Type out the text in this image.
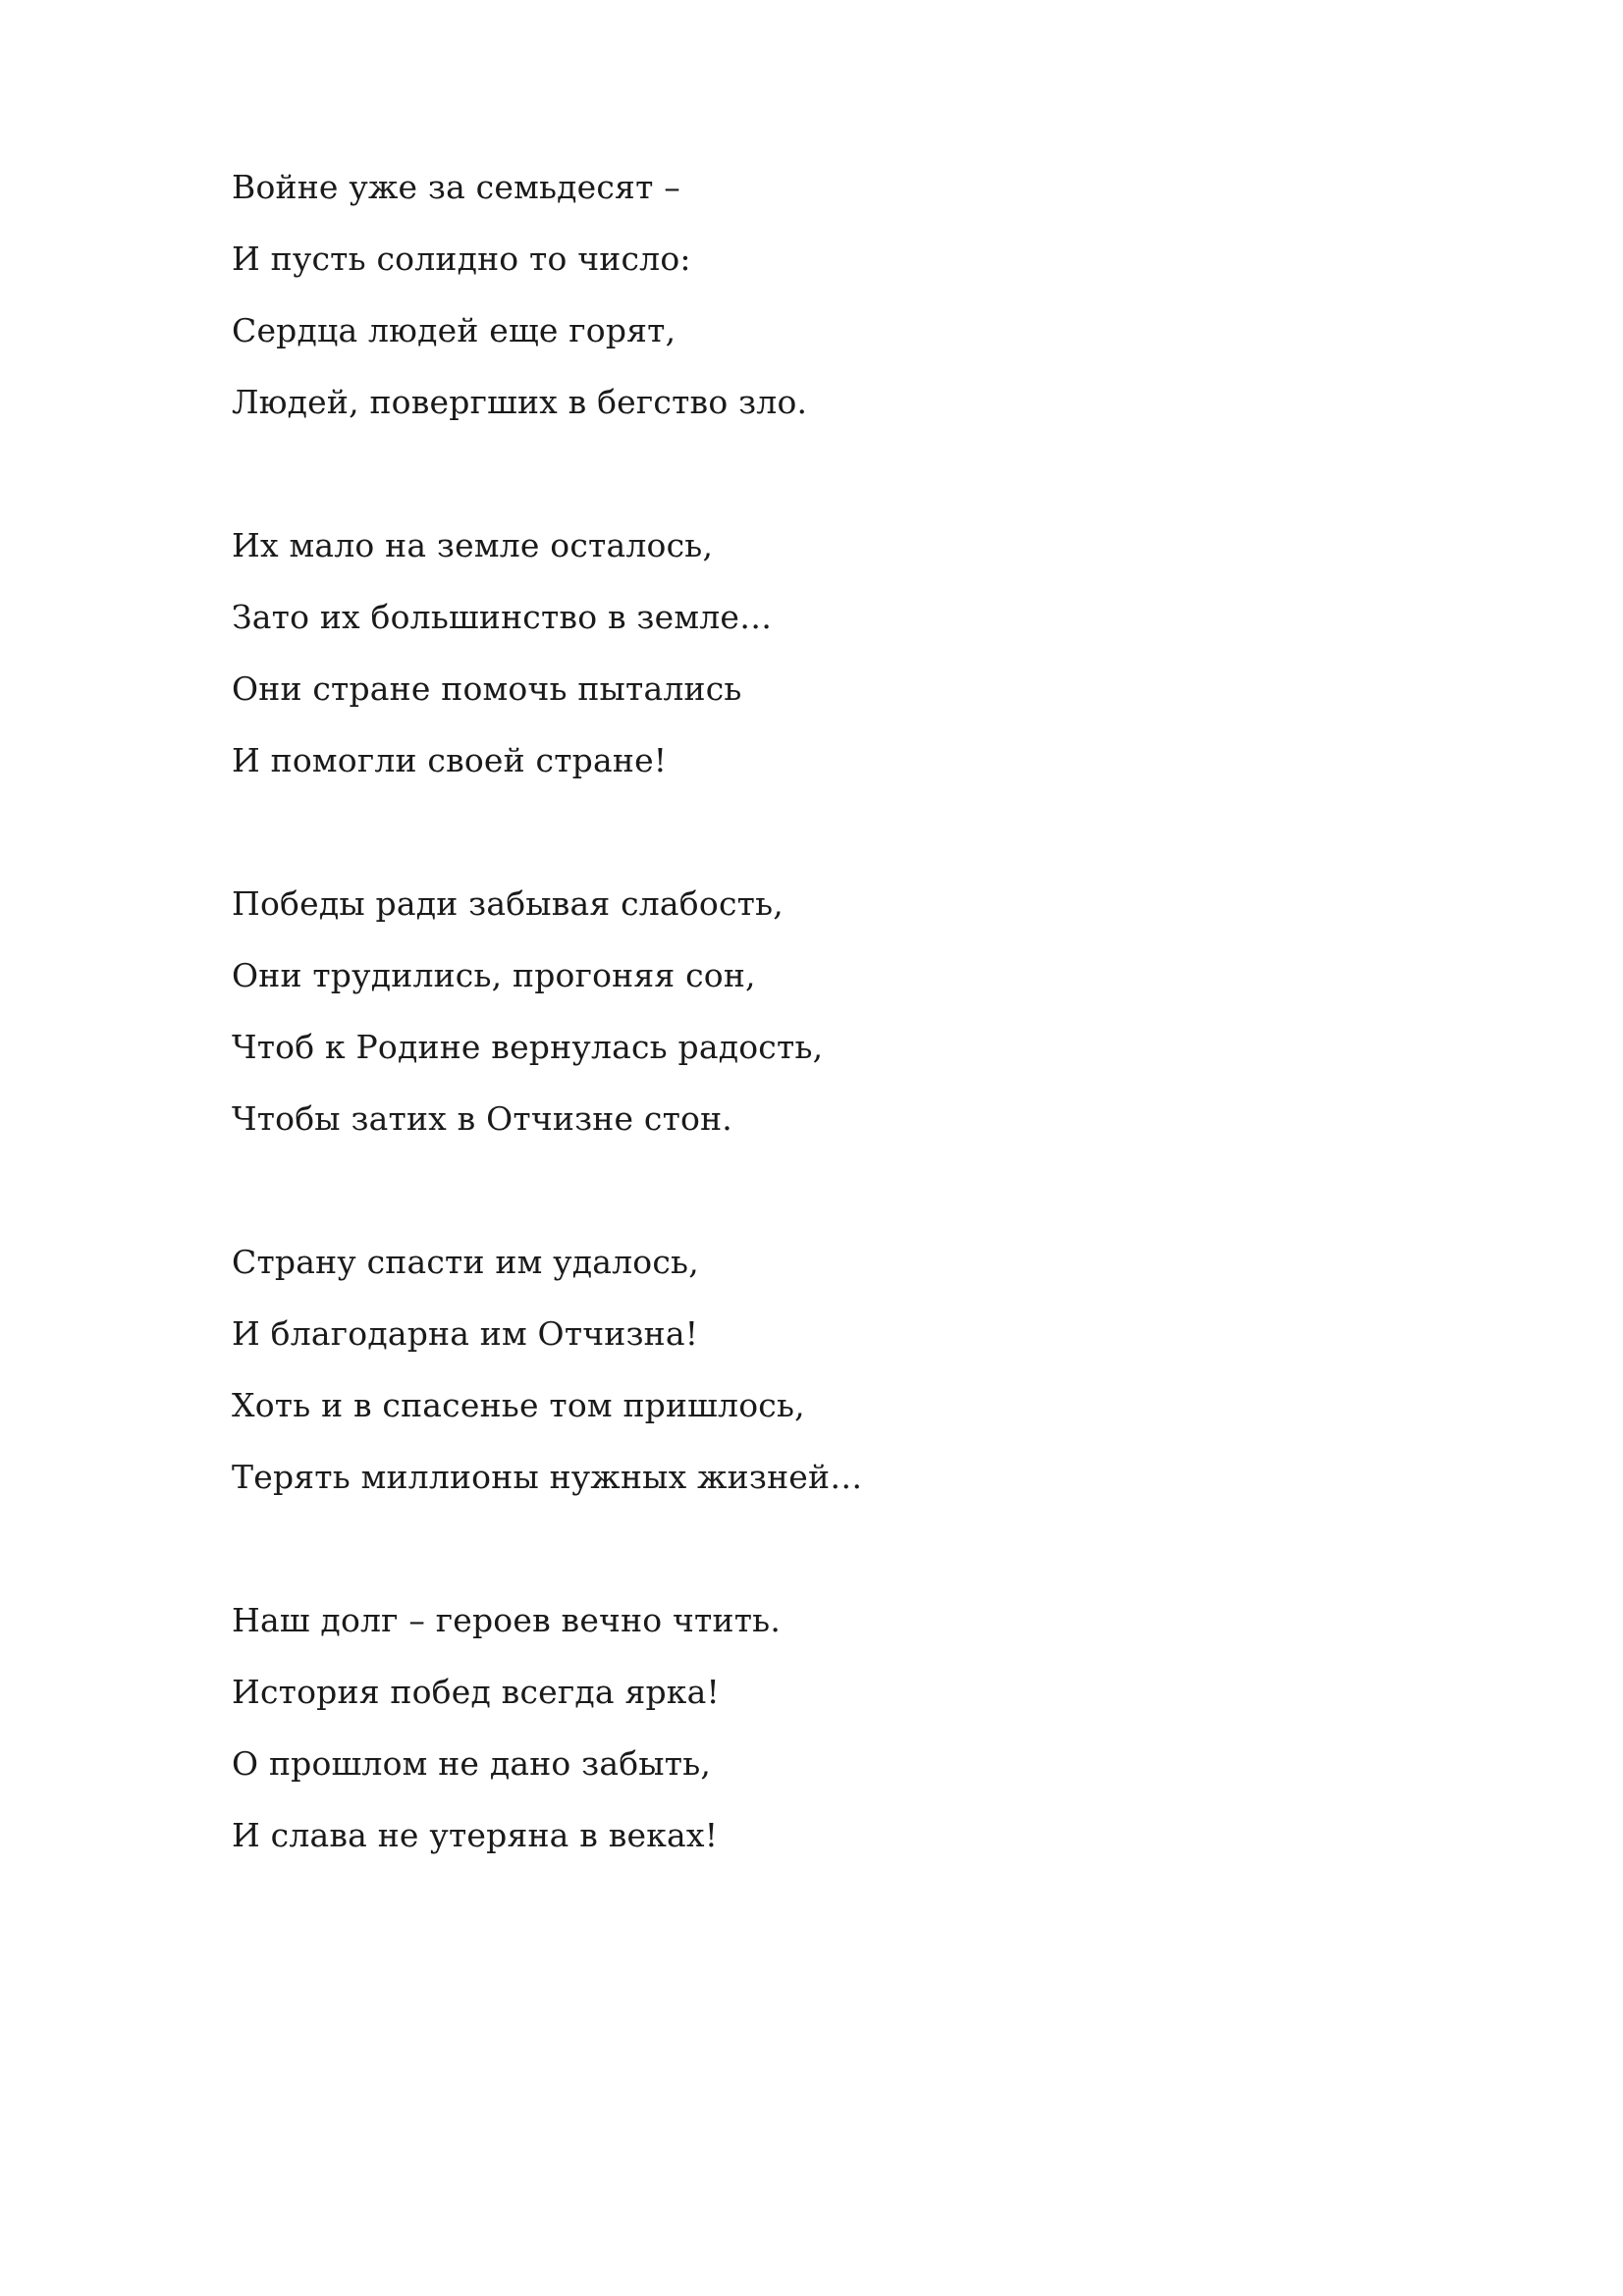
Войне уже за семьдесят –
И пусть солидно то число:
Сердца людей еще горят,
Людей, повергших в бегство зло.
Их мало на земле осталось,
Зато их большинство в земле…
Они стране помочь пытались
И помогли своей стране!
Победы ради забывая слабость,
Они трудились, прогоняя сон,
Чтоб к Родине вернулась радость,
Чтобы затих в Отчизне стон.
Страну спасти им удалось,
И благодарна им Отчизна!
Хоть и в спасенье том пришлось,
Терять миллионы нужных жизней…
Наш долг – героев вечно чтить.
История побед всегда ярка!
О прошлом не дано забыть,
И слава не утеряна в веках!
